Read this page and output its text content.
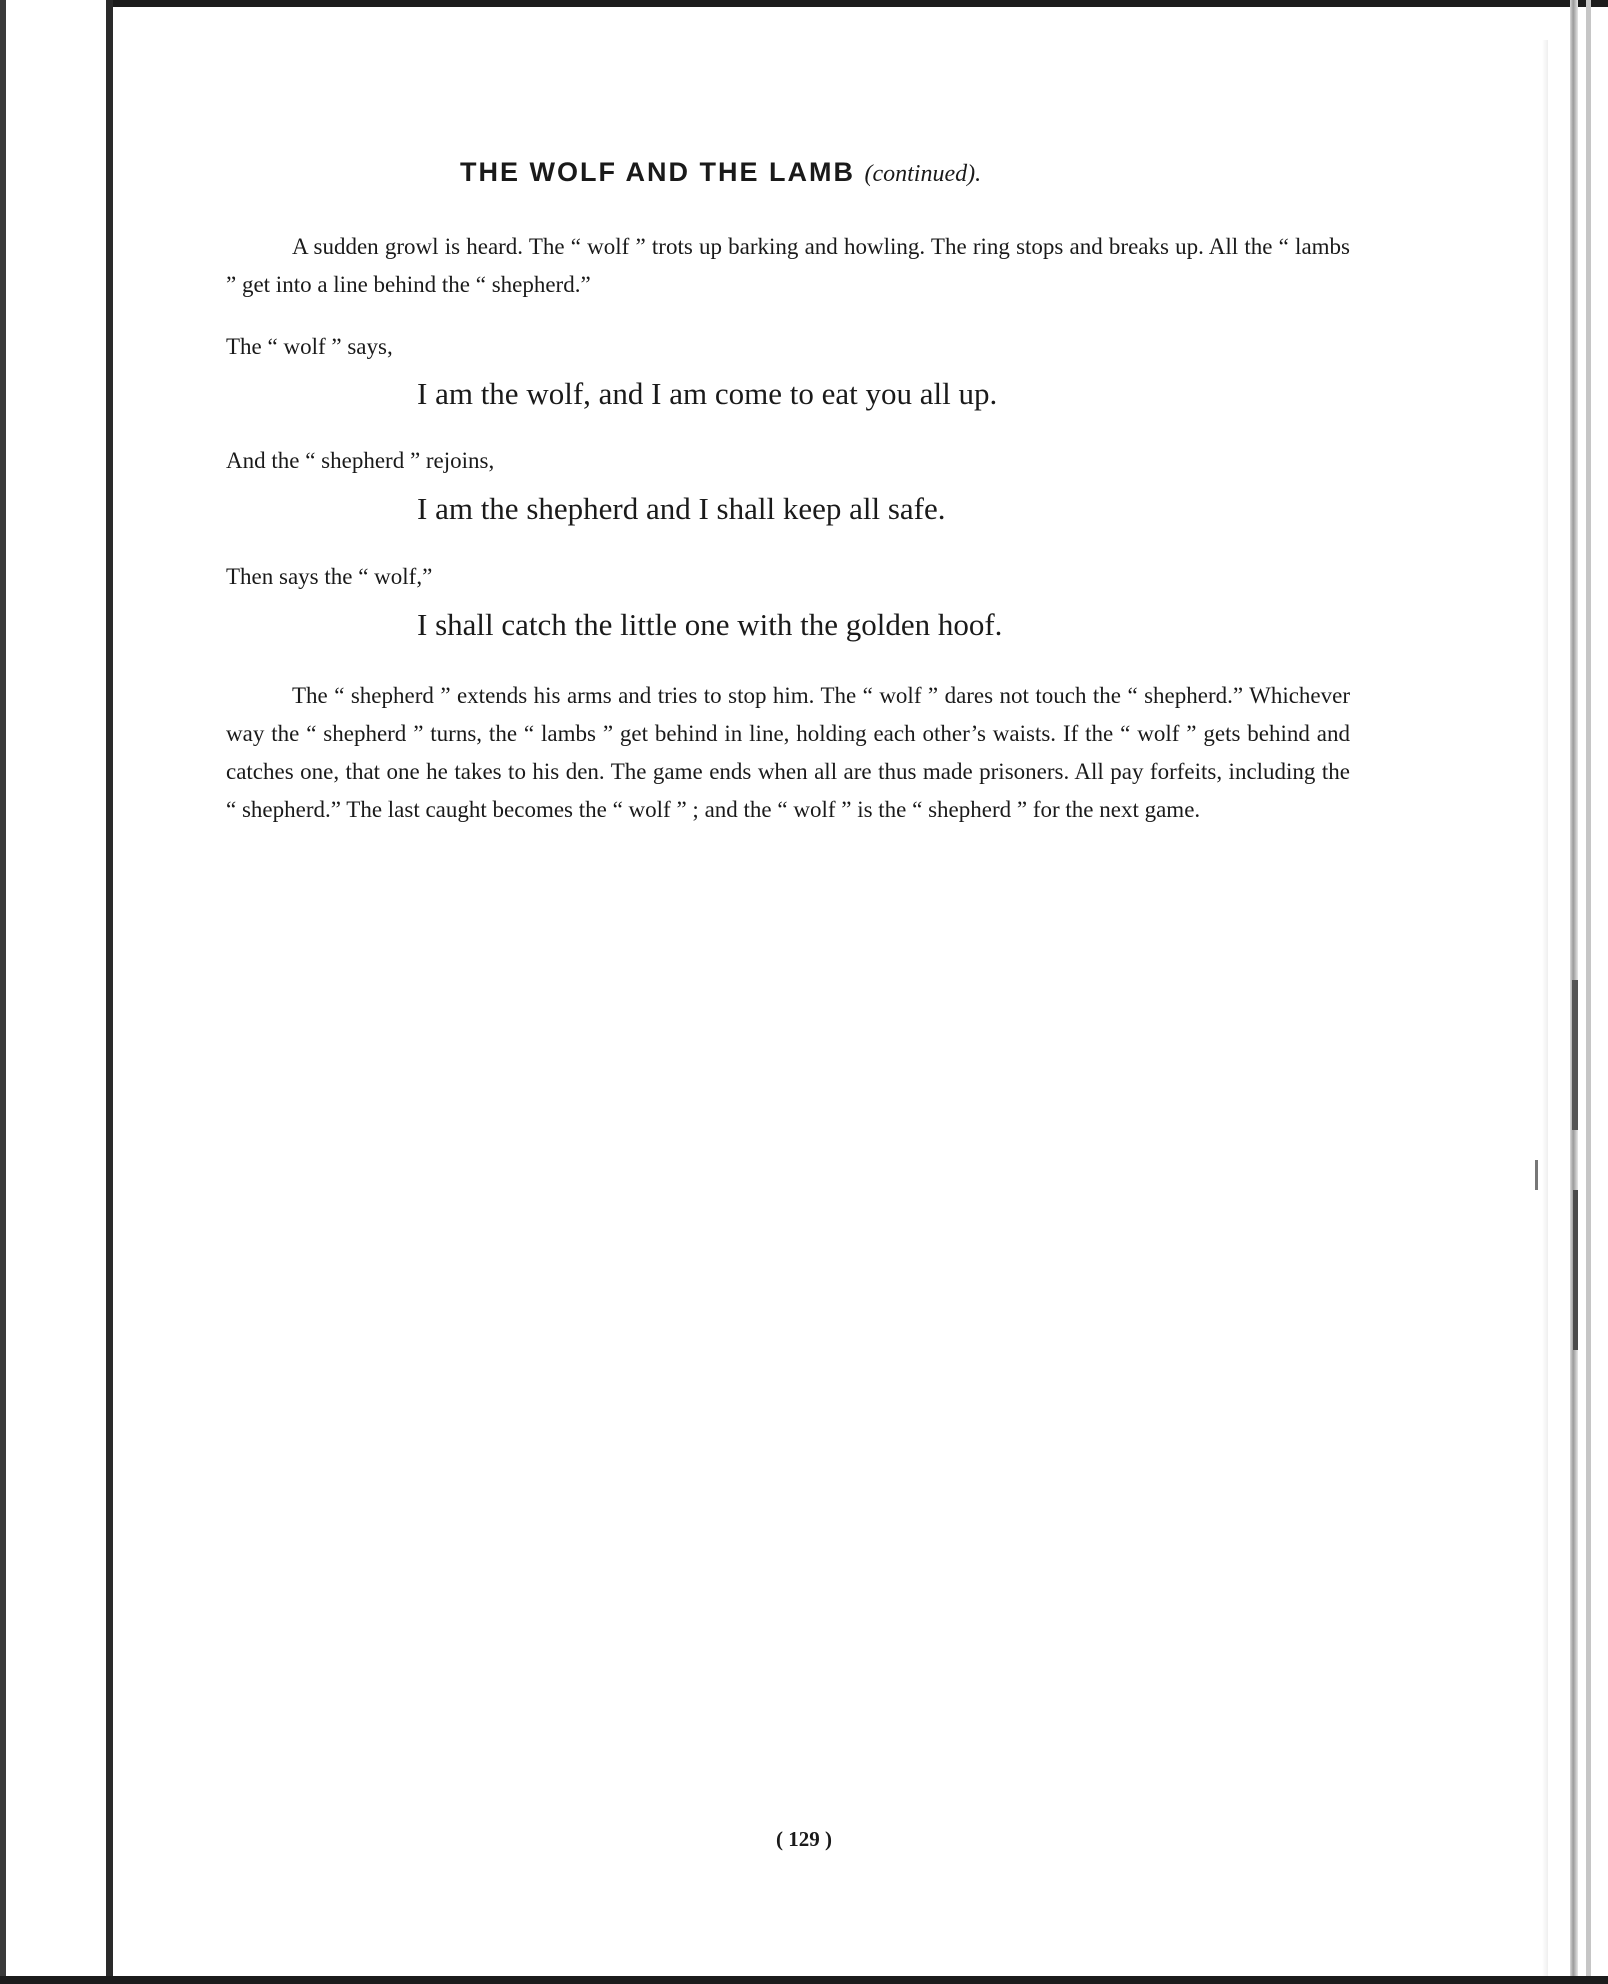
THE WOLF AND THE LAMB (continued).

A sudden growl is heard. The “ wolf ” trots up barking and howling. The ring stops and breaks up. All the “ lambs ” get into a line behind the “ shepherd.”

The “ wolf ” says,

I am the wolf, and I am come to eat you all up.

And the “ shepherd ” rejoins,

I am the shepherd and I shall keep all safe.

Then says the “ wolf,”

I shall catch the little one with the golden hoof.

The “ shepherd ” extends his arms and tries to stop him. The “ wolf ” dares not touch the “ shepherd.” Whichever way the “ shepherd ” turns, the “ lambs ” get behind in line, holding each other’s waists. If the “ wolf ” gets behind and catches one, that one he takes to his den. The game ends when all are thus made prisoners. All pay forfeits, including the “ shepherd.” The last caught becomes the “ wolf ” ; and the “ wolf ” is the “ shepherd ” for the next game.

( 129 )
